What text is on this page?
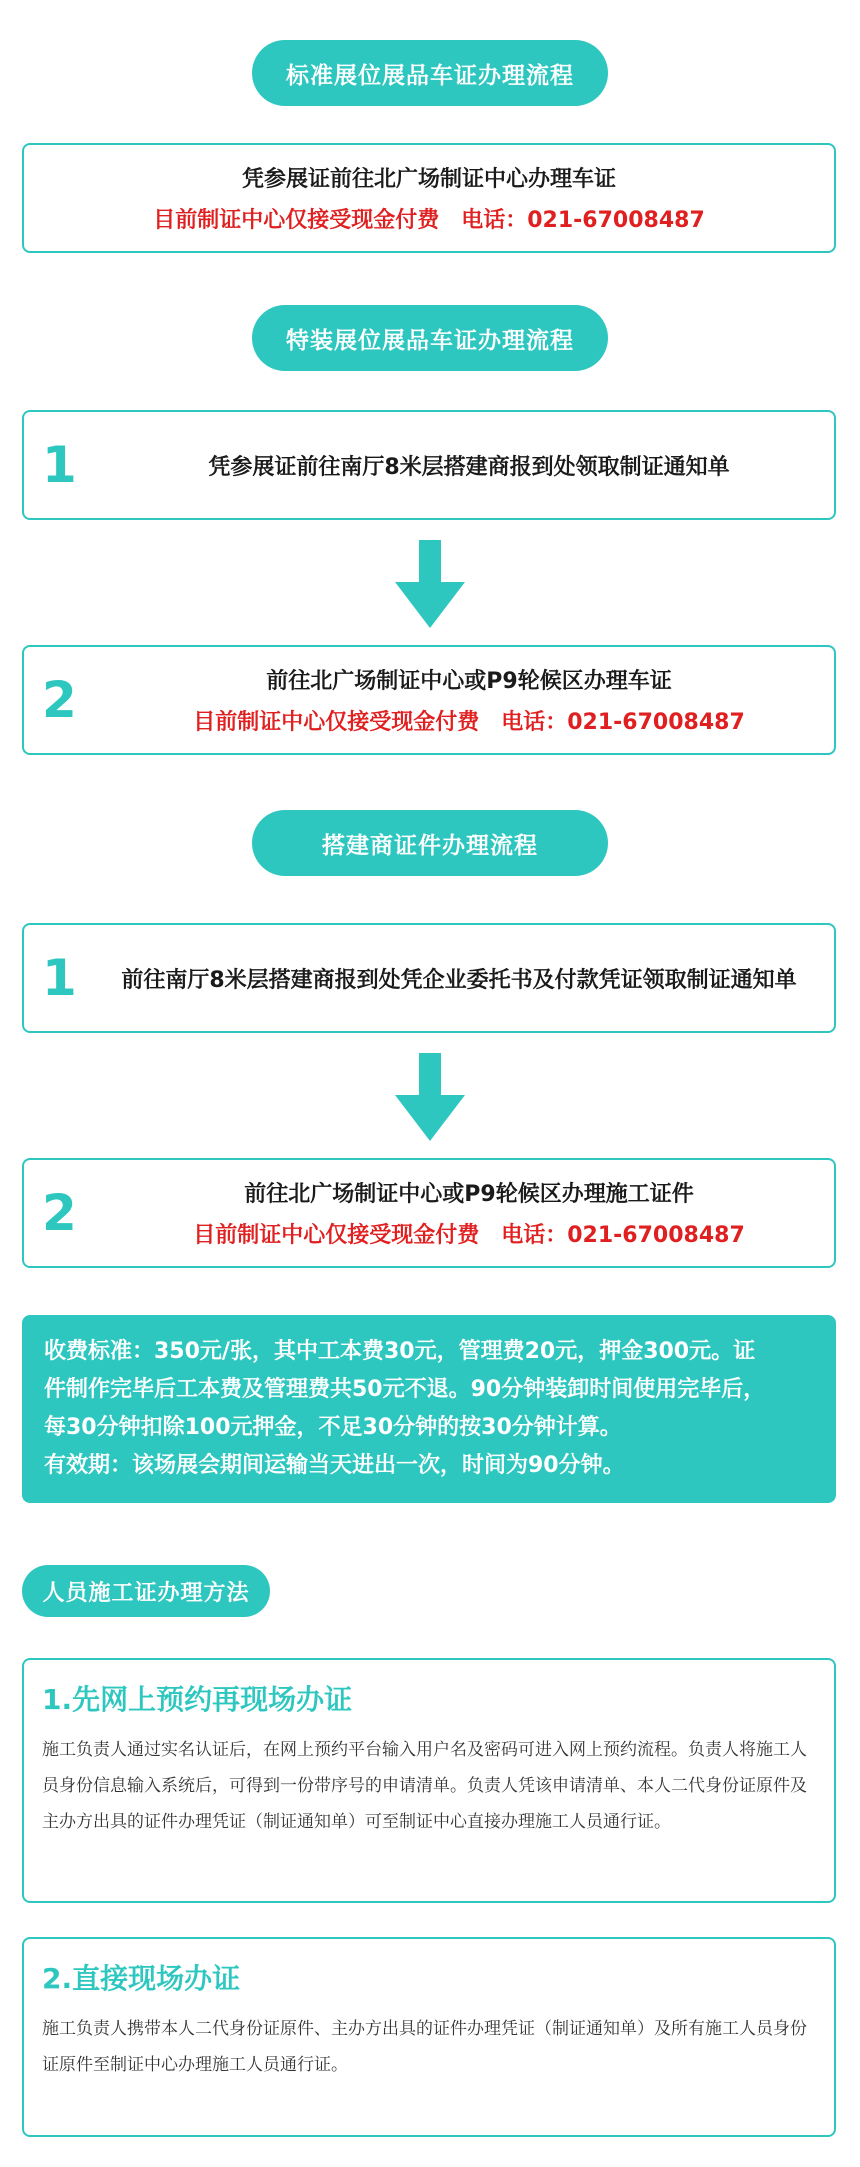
标准展位展品车证办理流程
凭参展证前往北广场制证中心办理车证
目前制证中心仅接受现金付费　电话：021-67008487
特装展位展品车证办理流程
1	凭参展证前往南厅8米层搭建商报到处领取制证通知单
2	前往北广场制证中心或P9轮候区办理车证
目前制证中心仅接受现金付费　电话：021-67008487
搭建商证件办理流程
1 前往南厅8米层搭建商报到处凭企业委托书及付款凭证领取制证通知单
2	前往北广场制证中心或P9轮候区办理施工证件
目前制证中心仅接受现金付费　电话：021-67008487

收费标准：350元/张，其中工本费30元，管理费20元，押金300元。证

件制作完毕后工本费及管理费共50元不退。90分钟装卸时间使用完毕后，

每30分钟扣除100元押金，不足30分钟的按30分钟计算。

有效期：该场展会期间运输当天进出一次，时间为90分钟。

人员施工证办理方法

1.先网上预约再现场办证

施工负责人通过实名认证后，在网上预约平台输入用户名及密码可进入网上预约流程。负责人将施工人员身份信息输入系统后，可得到一份带序号的申请清单。负责人凭该申请清单、本人二代身份证原件及主办方出具的证件办理凭证（制证通知单）可至制证中心直接办理施工人员通行证。

2.直接现场办证

施工负责人携带本人二代身份证原件、主办方出具的证件办理凭证（制证通知单）及所有施工人员身份证原件至制证中心办理施工人员通行证。
